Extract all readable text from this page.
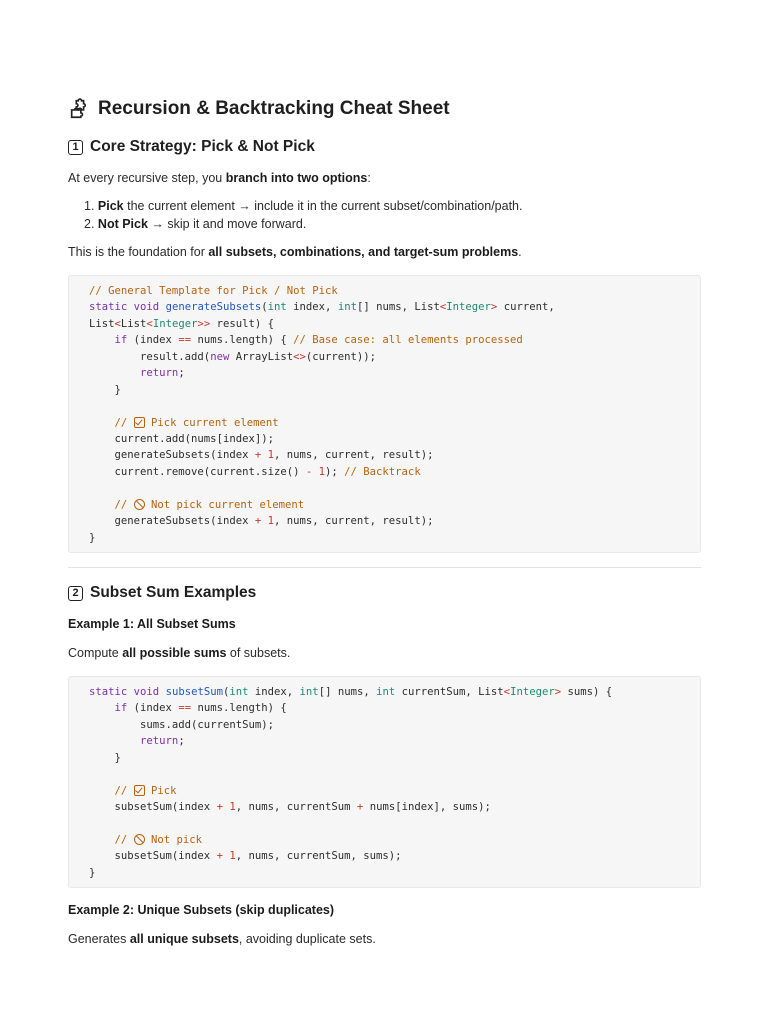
Recursion & Backtracking Cheat Sheet
1 Core Strategy: Pick & Not Pick

At every recursive step, you branch into two options:

1. Pick the current element → include it in the current subset/combination/path.
2. Not Pick → skip it and move forward.

This is the foundation for all subsets, combinations, and target-sum problems.

// General Template for Pick / Not Pick
static void generateSubsets(int index, int[] nums, List<Integer> current,
List<List<Integer>> result) {
if (index == nums.length) { // Base case: all elements processed
result.add(new ArrayList<>(current));
return;
}

//  Pick current element
current.add(nums[index]);
generateSubsets(index + 1, nums, current, result);
current.remove(current.size() - 1); // Backtrack

//  Not pick current element
generateSubsets(index + 1, nums, current, result);
}
2 Subset Sum Examples
Example 1: All Subset Sums

Compute all possible sums of subsets.

static void subsetSum(int index, int[] nums, int currentSum, List<Integer> sums) {
if (index == nums.length) {
sums.add(currentSum);
return;
}

//  Pick
subsetSum(index + 1, nums, currentSum + nums[index], sums);

//  Not pick
subsetSum(index + 1, nums, currentSum, sums);
}
Example 2: Unique Subsets (skip duplicates)

Generates all unique subsets, avoiding duplicate sets.
